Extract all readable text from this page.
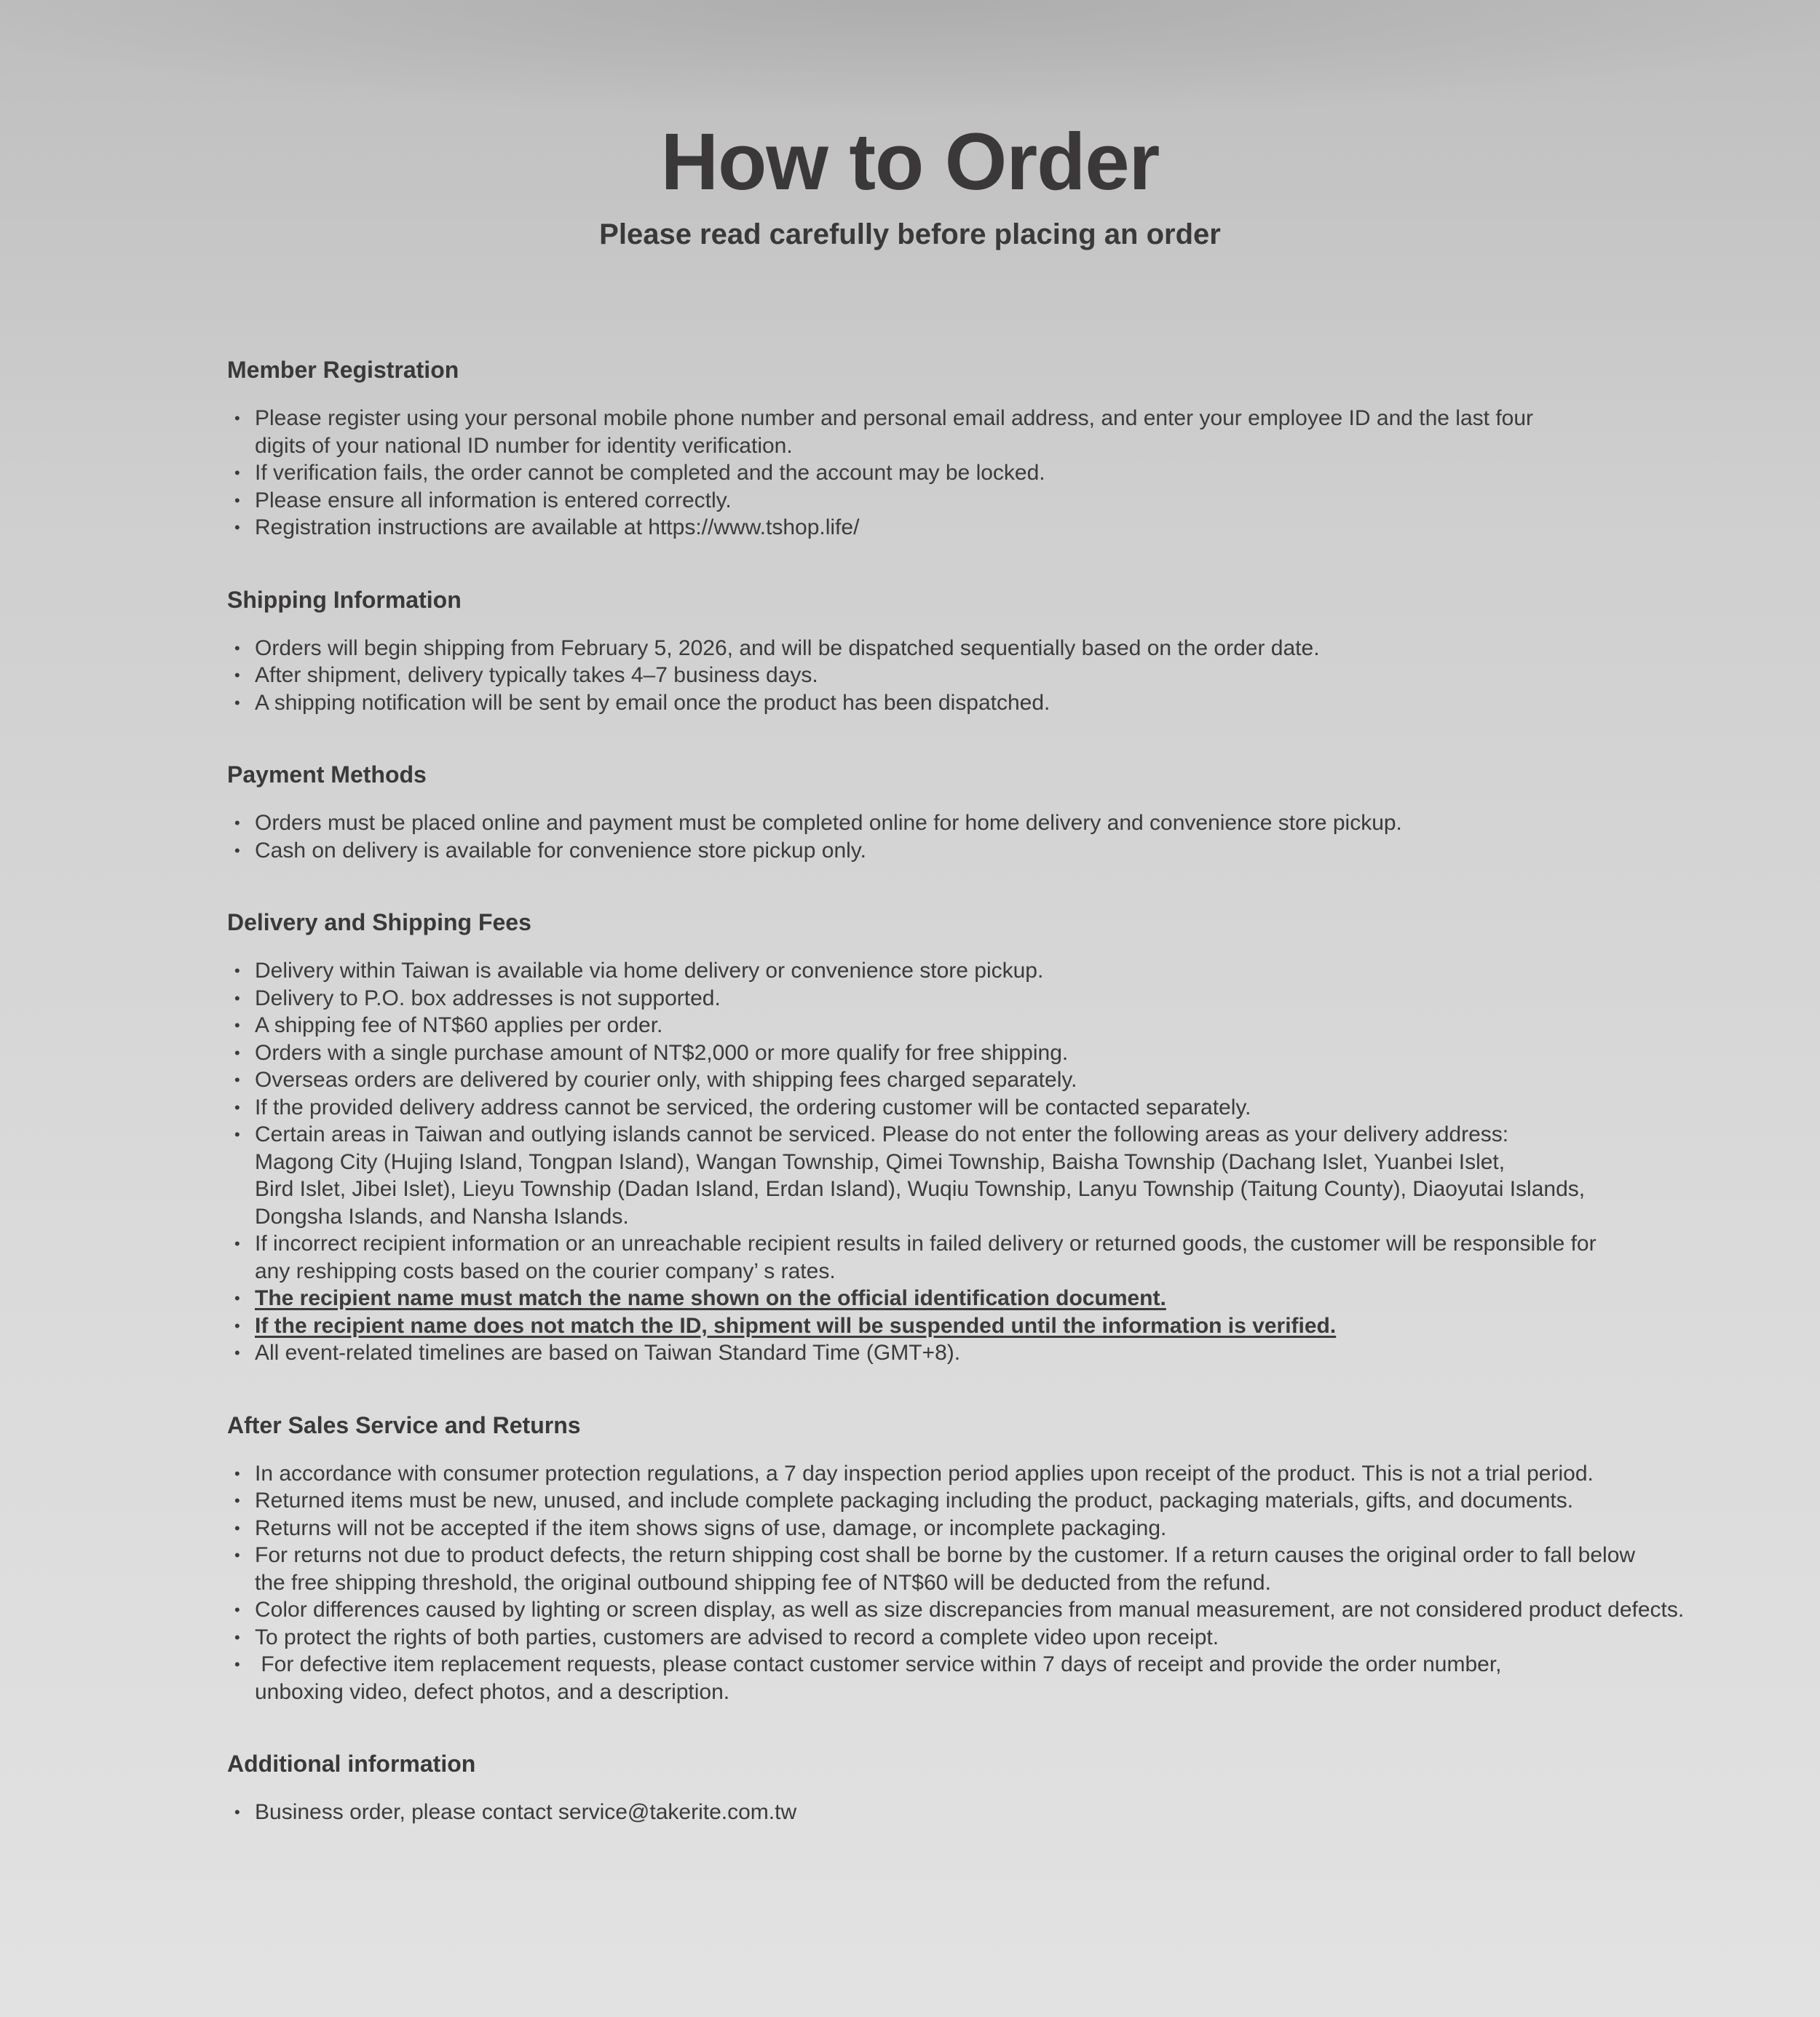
How to Order
Please read carefully before placing an order
Member Registration
• Please register using your personal mobile phone number and personal email address, and enter your employee ID and the last four
digits of your national ID number for identity verification.
• If verification fails, the order cannot be completed and the account may be locked.
• Please ensure all information is entered correctly.
• Registration instructions are available at https://www.tshop.life/
Shipping Information
• Orders will begin shipping from February 5, 2026, and will be dispatched sequentially based on the order date.
• After shipment, delivery typically takes 4–7 business days.
• A shipping notification will be sent by email once the product has been dispatched.
Payment Methods
• Orders must be placed online and payment must be completed online for home delivery and convenience store pickup.
• Cash on delivery is available for convenience store pickup only.
Delivery and Shipping Fees
• Delivery within Taiwan is available via home delivery or convenience store pickup.
• Delivery to P.O. box addresses is not supported.
• A shipping fee of NT$60 applies per order.
• Orders with a single purchase amount of NT$2,000 or more qualify for free shipping.
• Overseas orders are delivered by courier only, with shipping fees charged separately.
• If the provided delivery address cannot be serviced, the ordering customer will be contacted separately.
• Certain areas in Taiwan and outlying islands cannot be serviced. Please do not enter the following areas as your delivery address:
Magong City (Hujing Island, Tongpan Island), Wangan Township, Qimei Township, Baisha Township (Dachang Islet, Yuanbei Islet,
Bird Islet, Jibei Islet), Lieyu Township (Dadan Island, Erdan Island), Wuqiu Township, Lanyu Township (Taitung County), Diaoyutai Islands,
Dongsha Islands, and Nansha Islands.
• If incorrect recipient information or an unreachable recipient results in failed delivery or returned goods, the customer will be responsible for
any reshipping costs based on the courier company’ s rates.
• The recipient name must match the name shown on the official identification document.
• If the recipient name does not match the ID, shipment will be suspended until the information is verified.
• All event-related timelines are based on Taiwan Standard Time (GMT+8).
After Sales Service and Returns
• In accordance with consumer protection regulations, a 7 day inspection period applies upon receipt of the product. This is not a trial period.
• Returned items must be new, unused, and include complete packaging including the product, packaging materials, gifts, and documents.
• Returns will not be accepted if the item shows signs of use, damage, or incomplete packaging.
• For returns not due to product defects, the return shipping cost shall be borne by the customer. If a return causes the original order to fall below
the free shipping threshold, the original outbound shipping fee of NT$60 will be deducted from the refund.
• Color differences caused by lighting or screen display, as well as size discrepancies from manual measurement, are not considered product defects.
• To protect the rights of both parties, customers are advised to record a complete video upon receipt.
• For defective item replacement requests, please contact customer service within 7 days of receipt and provide the order number,
unboxing video, defect photos, and a description.
Additional information
• Business order, please contact service@takerite.com.tw
